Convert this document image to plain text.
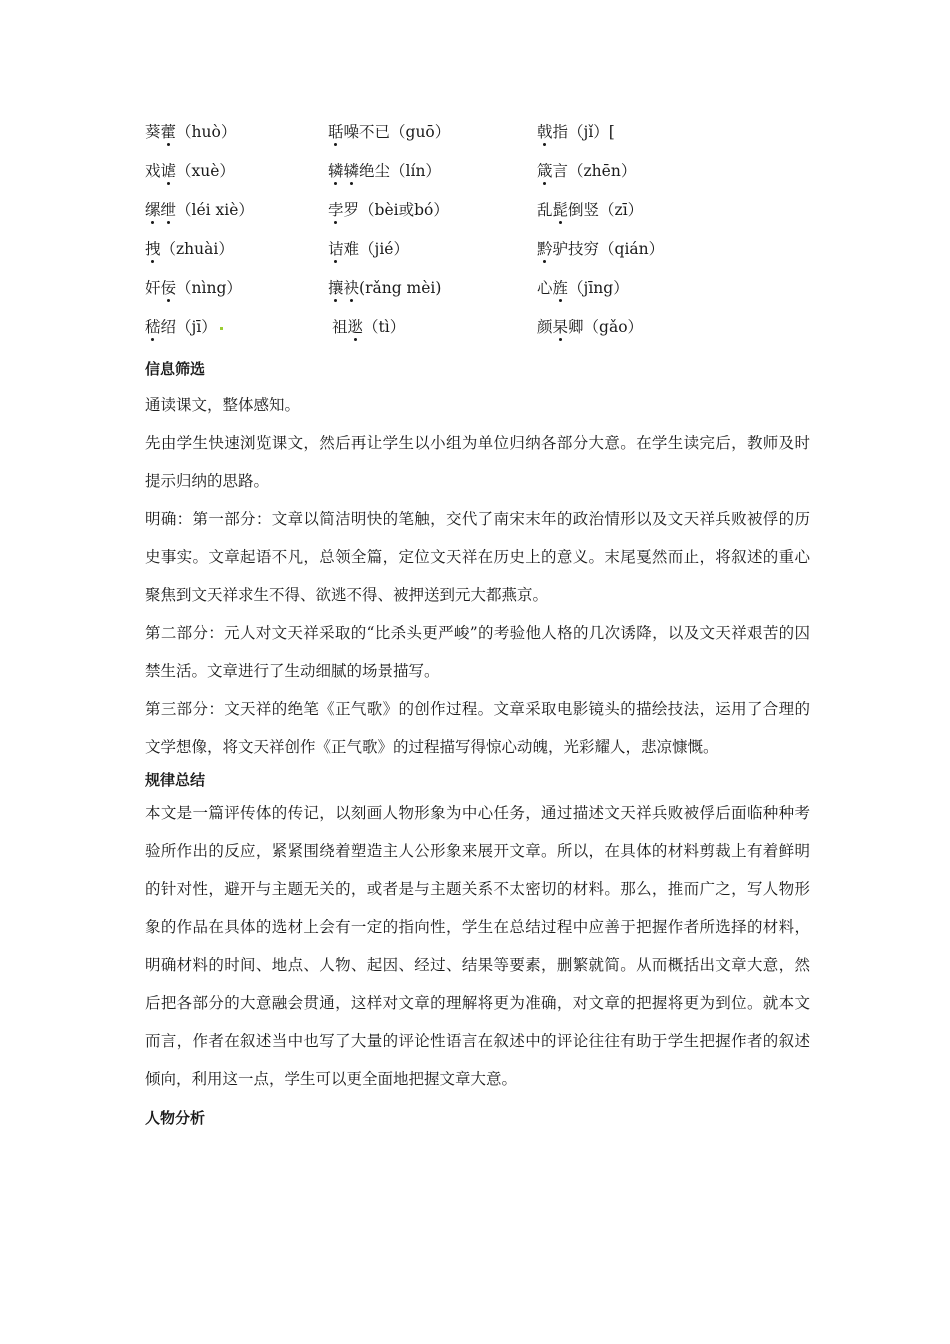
葵藿（huò）	聒噪不已（guō）	戟指（jǐ）[
戏谑（xuè）	辚辚绝尘（lín）	箴言（zhēn）
缧绁（léi xiè）	孛罗（bèi或bó）	乱髭倒竖（zī）
拽（zhuài）	诘难（jié）	黔驴技穷（qián）
奸佞（nìng）	攘袂(rǎng mèi)	心旌（jīng）
嵇绍（jī）	祖逖（tì）	颜杲卿（gǎo）
信息筛选

通读课文，整体感知。

先由学生快速浏览课文，然后再让学生以小组为单位归纳各部分大意。在学生读完后，教师及时提示归纳的思路。

明确：第一部分：文章以简洁明快的笔触，交代了南宋末年的政治情形以及文天祥兵败被俘的历史事实。文章起语不凡，总领全篇，定位文天祥在历史上的意义。末尾戛然而止，将叙述的重心聚焦到文天祥求生不得、欲逃不得、被押送到元大都燕京。

第二部分：元人对文天祥采取的“比杀头更严峻”的考验他人格的几次诱降，以及文天祥艰苦的囚禁生活。文章进行了生动细腻的场景描写。

第三部分：文天祥的绝笔《正气歌》的创作过程。文章采取电影镜头的描绘技法，运用了合理的文学想像，将文天祥创作《正气歌》的过程描写得惊心动魄，光彩耀人，悲凉慷慨。

规律总结

本文是一篇评传体的传记，以刻画人物形象为中心任务，通过描述文天祥兵败被俘后面临种种考验所作出的反应，紧紧围绕着塑造主人公形象来展开文章。所以，在具体的材料剪裁上有着鲜明的针对性，避开与主题无关的，或者是与主题关系不太密切的材料。那么，推而广之，写人物形象的作品在具体的选材上会有一定的指向性，学生在总结过程中应善于把握作者所选择的材料，明确材料的时间、地点、人物、起因、经过、结果等要素，删繁就简。从而概括出文章大意，然后把各部分的大意融会贯通，这样对文章的理解将更为准确，对文章的把握将更为到位。就本文而言，作者在叙述当中也写了大量的评论性语言在叙述中的评论往往有助于学生把握作者的叙述倾向，利用这一点，学生可以更全面地把握文章大意。

人物分析
